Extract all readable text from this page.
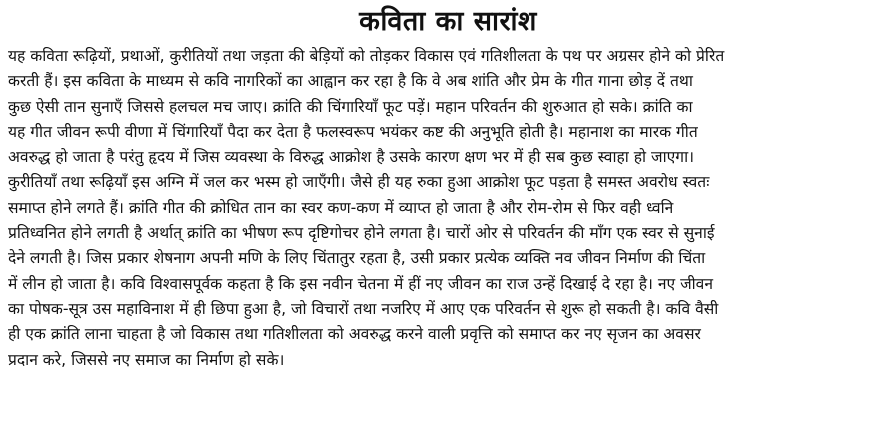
कविता का सारांश
यह कविता रूढ़ियों, प्रथाओं, कुरीतियों तथा जड़ता की बेड़ियों को तोड़कर विकास एवं गतिशीलता के पथ पर अग्रसर होने को प्रेरित
करती हैं। इस कविता के माध्यम से कवि नागरिकों का आह्वान कर रहा है कि वे अब शांति और प्रेम के गीत गाना छोड़ दें तथा
कुछ ऐसी तान सुनाएँ जिससे हलचल मच जाए। क्रांति की चिंगारियाँ फूट पड़ें। महान परिवर्तन की शुरुआत हो सके। क्रांति का
यह गीत जीवन रूपी वीणा में चिंगारियाँ पैदा कर देता है फलस्वरूप भयंकर कष्ट की अनुभूति होती है। महानाश का मारक गीत
अवरुद्ध हो जाता है परंतु हृदय में जिस व्यवस्था के विरुद्ध आक्रोश है उसके कारण क्षण भर में ही सब कुछ स्वाहा हो जाएगा।
कुरीतियाँ तथा रूढ़ियाँ इस अग्नि में जल कर भस्म हो जाएँगी। जैसे ही यह रुका हुआ आक्रोश फूट पड़ता है समस्त अवरोध स्वतः
समाप्त होने लगते हैं। क्रांति गीत की क्रोधित तान का स्वर कण-कण में व्याप्त हो जाता है और रोम-रोम से फिर वही ध्वनि
प्रतिध्वनित होने लगती है अर्थात् क्रांति का भीषण रूप दृष्टिगोचर होने लगता है। चारों ओर से परिवर्तन की माँग एक स्वर से सुनाई
देने लगती है। जिस प्रकार शेषनाग अपनी मणि के लिए चिंतातुर रहता है, उसी प्रकार प्रत्येक व्यक्ति नव जीवन निर्माण की चिंता
में लीन हो जाता है। कवि विश्वासपूर्वक कहता है कि इस नवीन चेतना में हीं नए जीवन का राज उन्हें दिखाई दे रहा है। नए जीवन
का पोषक-सूत्र उस महाविनाश में ही छिपा हुआ है, जो विचारों तथा नजरिए में आए एक परिवर्तन से शुरू हो सकती है। कवि वैसी
ही एक क्रांति लाना चाहता है जो विकास तथा गतिशीलता को अवरुद्ध करने वाली प्रवृत्ति को समाप्त कर नए सृजन का अवसर
प्रदान करे, जिससे नए समाज का निर्माण हो सके।
